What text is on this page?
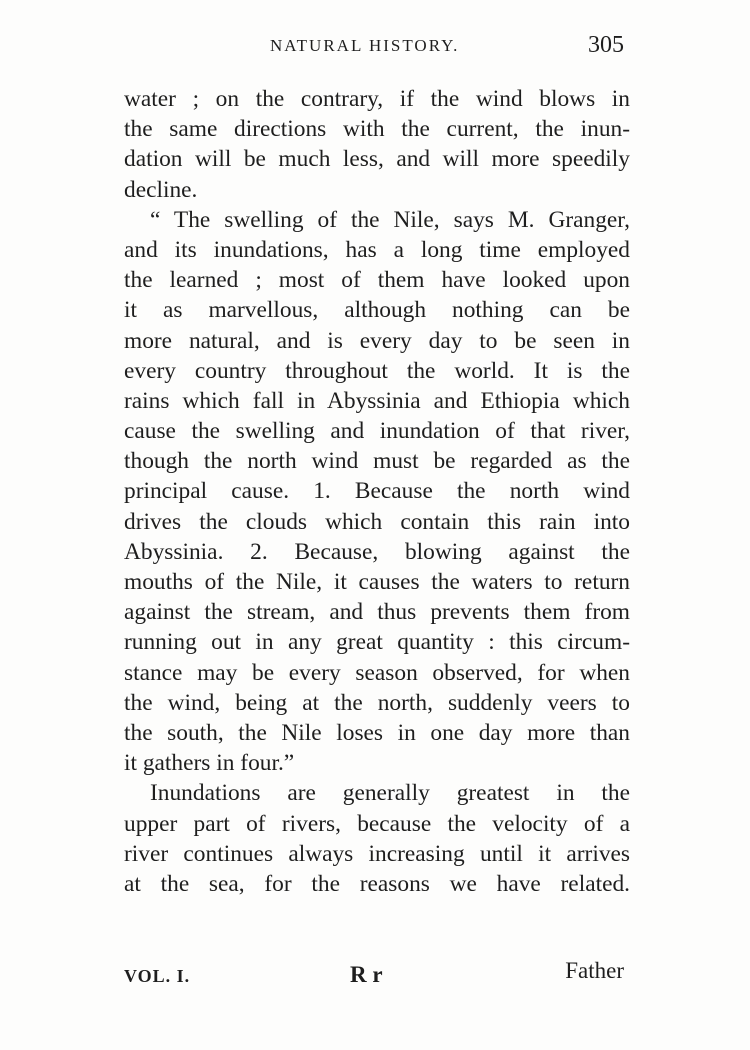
NATURAL HISTORY.	305
water ; on the contrary, if the wind blows in
the same directions with the current, the inun-
dation will be much less, and will more speedily
decline.
“ The swelling of the Nile, says M. Granger,
and its inundations, has a long time employed
the learned ; most of them have looked upon
it as marvellous, although nothing can be
more natural, and is every day to be seen in
every country throughout the world. It is the
rains which fall in Abyssinia and Ethiopia which
cause the swelling and inundation of that river,
though the north wind must be regarded as the
principal cause. 1. Because the north wind
drives the clouds which contain this rain into
Abyssinia. 2. Because, blowing against the
mouths of the Nile, it causes the waters to return
against the stream, and thus prevents them from
running out in any great quantity : this circum-
stance may be every season observed, for when
the wind, being at the north, suddenly veers to
the south, the Nile loses in one day more than
it gathers in four.”
Inundations are generally greatest in the
upper part of rivers, because the velocity of a
river continues always increasing until it arrives
at the sea, for the reasons we have related.
VOL. I.	R r	Father
